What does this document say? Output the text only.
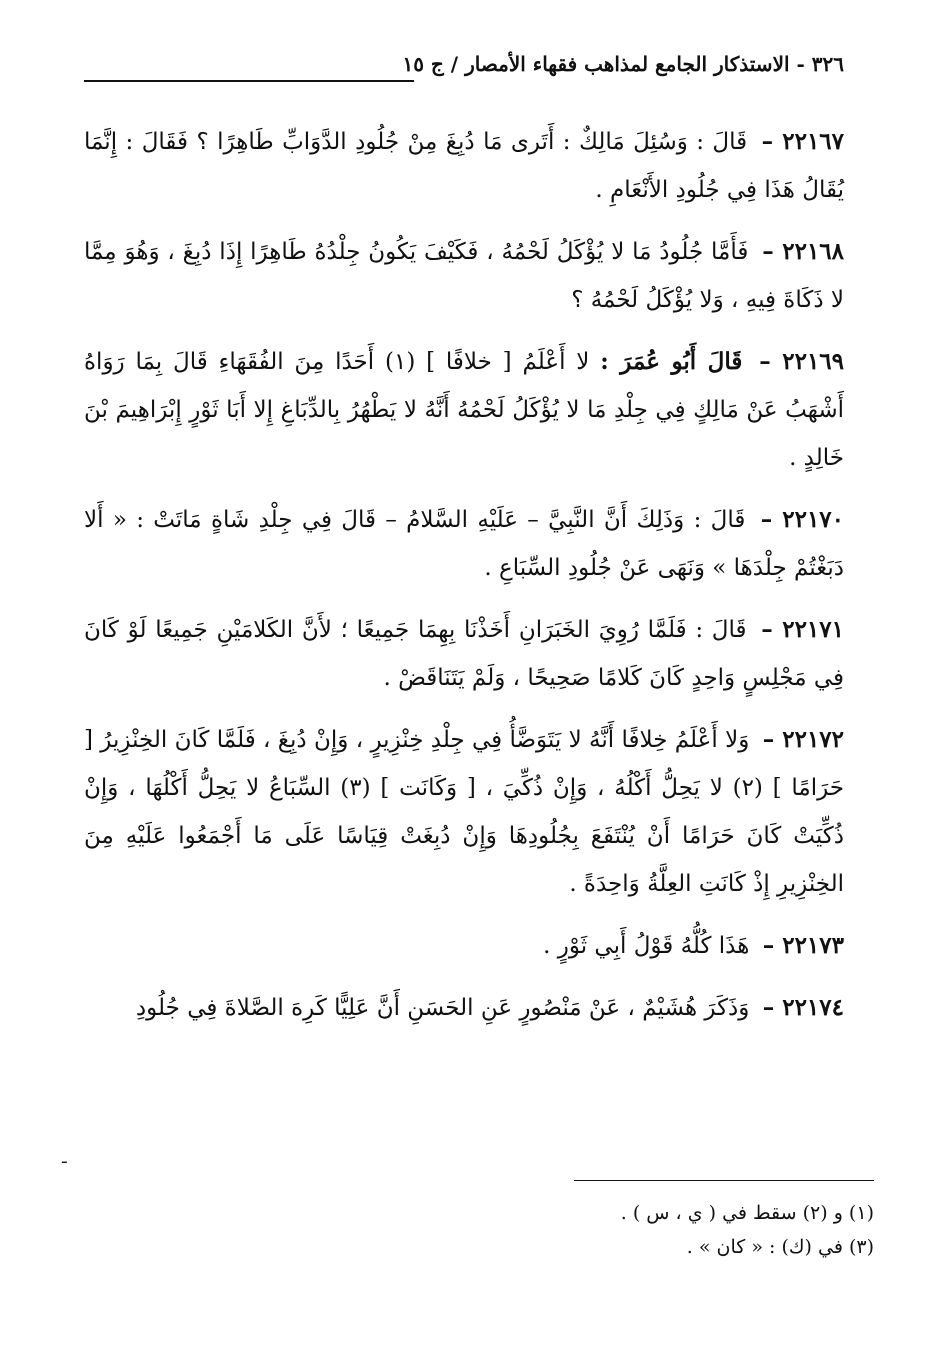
٣٢٦ - الاستذكار الجامع لمذاهب فقهاء الأمصار / ج ١٥

٢٢١٦٧ – قَالَ : وَسُئِلَ مَالِكٌ : أَتَرى مَا دُبِغَ مِنْ جُلُودِ الدَّوَابِّ طَاهِرًا ؟ فَقَالَ : إِنَّمَا يُقَالُ هَذَا فِي جُلُودِ الأَنْعَامِ .

٢٢١٦٨ – فَأَمَّا جُلُودُ مَا لا يُؤْكَلُ لَحْمُهُ ، فَكَيْفَ يَكُونُ جِلْدُهُ طَاهِرًا إِذَا دُبِغَ ، وَهُوَ مِمَّا لا ذَكَاةَ فِيهِ ، وَلا يُؤْكَلُ لَحْمُهُ ؟

٢٢١٦٩ – قَالَ أَبُو عُمَرَ : لا أَعْلَمُ [ خلافًا ] (١) أَحَدًا مِنَ الفُقَهَاءِ قَالَ بِمَا رَوَاهُ أَشْهَبُ عَنْ مَالِكٍ فِي جِلْدِ مَا لا يُؤْكَلُ لَحْمُهُ أَنَّهُ لا يَطْهُرُ بِالدِّبَاغِ إِلا أَبَا ثَوْرٍ إِبْرَاهِيمَ بْنَ خَالِدٍ .

٢٢١٧٠ – قَالَ : وَذَلِكَ أَنَّ النَّبِيَّ – عَلَيْهِ السَّلامُ – قَالَ فِي جِلْدِ شَاةٍ مَاتَتْ : « أَلا دَبَغْتُمْ جِلْدَهَا » وَنَهَى عَنْ جُلُودِ السِّبَاعِ .

٢٢١٧١ – قَالَ : فَلَمَّا رُوِيَ الخَبَرَانِ أَخَذْنَا بِهِمَا جَمِيعًا ؛ لأَنَّ الكَلامَيْنِ جَمِيعًا لَوْ كَانَ فِي مَجْلِسٍ وَاحِدٍ كَانَ كَلامًا صَحِيحًا ، وَلَمْ يَتَنَاقَضْ .

٢٢١٧٢ – وَلا أَعْلَمُ خِلافًا أَنَّهُ لا يَتَوَضَّأُ فِي جِلْدِ خِنْزِيرٍ ، وَإِنْ دُبِغَ ، فَلَمَّا كَانَ الخِنْزِيرُ [ حَرَامًا ] (٢) لا يَحِلُّ أَكْلُهُ ، وَإِنْ ذُكِّيَ ، [ وَكَانَت ] (٣) السِّبَاعُ لا يَحِلُّ أَكْلُهَا ، وَإِنْ ذُكِّيَتْ كَانَ حَرَامًا أَنْ يُنْتَفَعَ بِجُلُودِهَا وَإِنْ دُبِغَتْ قِيَاسًا عَلَى مَا أَجْمَعُوا عَلَيْهِ مِنَ الخِنْزِيرِ إِذْ كَانَتِ العِلَّةُ وَاحِدَةً .

٢٢١٧٣ – هَذَا كُلُّهُ قَوْلُ أَبِي ثَوْرٍ .

٢٢١٧٤ – وَذَكَرَ هُشَيْمٌ ، عَنْ مَنْصُورٍ عَنِ الحَسَنِ أَنَّ عَلِيًّا كَرِهَ الصَّلاةَ فِي جُلُودِ

ـ
(١) و (٢) سقط في ( ي ، س ) .
(٣) في (ك) : « كان » .
